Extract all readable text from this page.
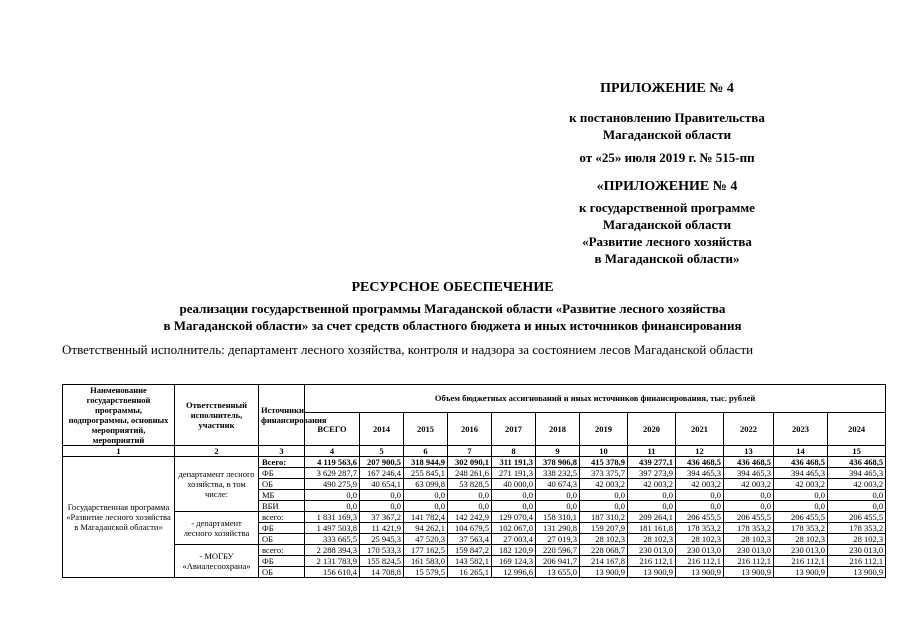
ПРИЛОЖЕНИЕ № 4
к постановлению Правительства
Магаданской области
от «25» июля 2019 г. № 515-пп
«ПРИЛОЖЕНИЕ № 4
к государственной программе
Магаданской области
«Развитие лесного хозяйства
в Магаданской области»
РЕСУРСНОЕ ОБЕСПЕЧЕНИЕ
реализации государственной программы Магаданской области «Развитие лесного хозяйства
в Магаданской области» за счет средств областного бюджета и иных источников финансирования
Ответственный исполнитель: департамент лесного хозяйства, контроля и надзора за состоянием лесов Магаданской области
Наименование государственной программы, подпрограммы, основных мероприятий, мероприятий	Ответственный исполнитель, участник	Источники финансирования	Объем бюджетных ассигнований и иных источников финансирования, тыс. рублей											
			ВСЕГО	2014	2015	2016	2017	2018	2019	2020	2021	2022	2023	2024
1	2	3	4	5	6	7	8	9	10	11	12	13	14	15
Государственная программа «Развитие лесного хозяйства в Магаданской области»	департамент лесного хозяйства, в том числе:	Всего:	4 119 563,6	207 900,5	318 944,9	302 090,1	311 191,3	378 906,8	415 378,9	439 277,1	436 468,5	436 468,5	436 468,5	436 468,5
		ФБ	3 629 287,7	167 246,4	255 845,1	248 261,6	271 191,3	338 232,5	373 375,7	397 273,9	394 465,3	394 465,3	394 465,3	394 465,3
		ОБ	490 275,9	40 654,1	63 099,8	53 828,5	40 000,0	40 674,3	42 003,2	42 003,2	42 003,2	42 003,2	42 003,2	42 003,2
		МБ	0,0	0,0	0,0	0,0	0,0	0,0	0,0	0,0	0,0	0,0	0,0	0,0
		ВБИ	0,0	0,0	0,0	0,0	0,0	0,0	0,0	0,0	0,0	0,0	0,0	0,0
	- департамент лесного хозяйства	всего:	1 831 169,3	37 367,2	141 782,4	142 242,9	129 070,4	158 310,1	187 310,2	209 264,1	206 455,5	206 455,5	206 455,5	206 455,5
		ФБ	1 497 503,8	11 421,9	94 262,1	104 679,5	102 067,0	131 290,8	159 207,9	181 161,8	178 353,2	178 353,2	178 353,2	178 353,2
		ОБ	333 665,5	25 945,3	47 520,3	37 563,4	27 003,4	27 019,3	28 102,3	28 102,3	28 102,3	28 102,3	28 102,3	28 102,3
	- МОГБУ «Авиалесоохрана»	всего:	2 288 394,3	170 533,3	177 162,5	159 847,2	182 120,9	220 596,7	228 068,7	230 013,0	230 013,0	230 013,0	230 013,0	230 013,0
		ФБ	2 131 783,9	155 824,5	161 583,0	143 582,1	169 124,3	206 941,7	214 167,8	216 112,1	216 112,1	216 112,1	216 112,1	216 112,1
		ОБ	156 610,4	14 708,8	15 579,5	16 265,1	12 996,6	13 655,0	13 900,9	13 900,9	13 900,9	13 900,9	13 900,9	13 900,9
